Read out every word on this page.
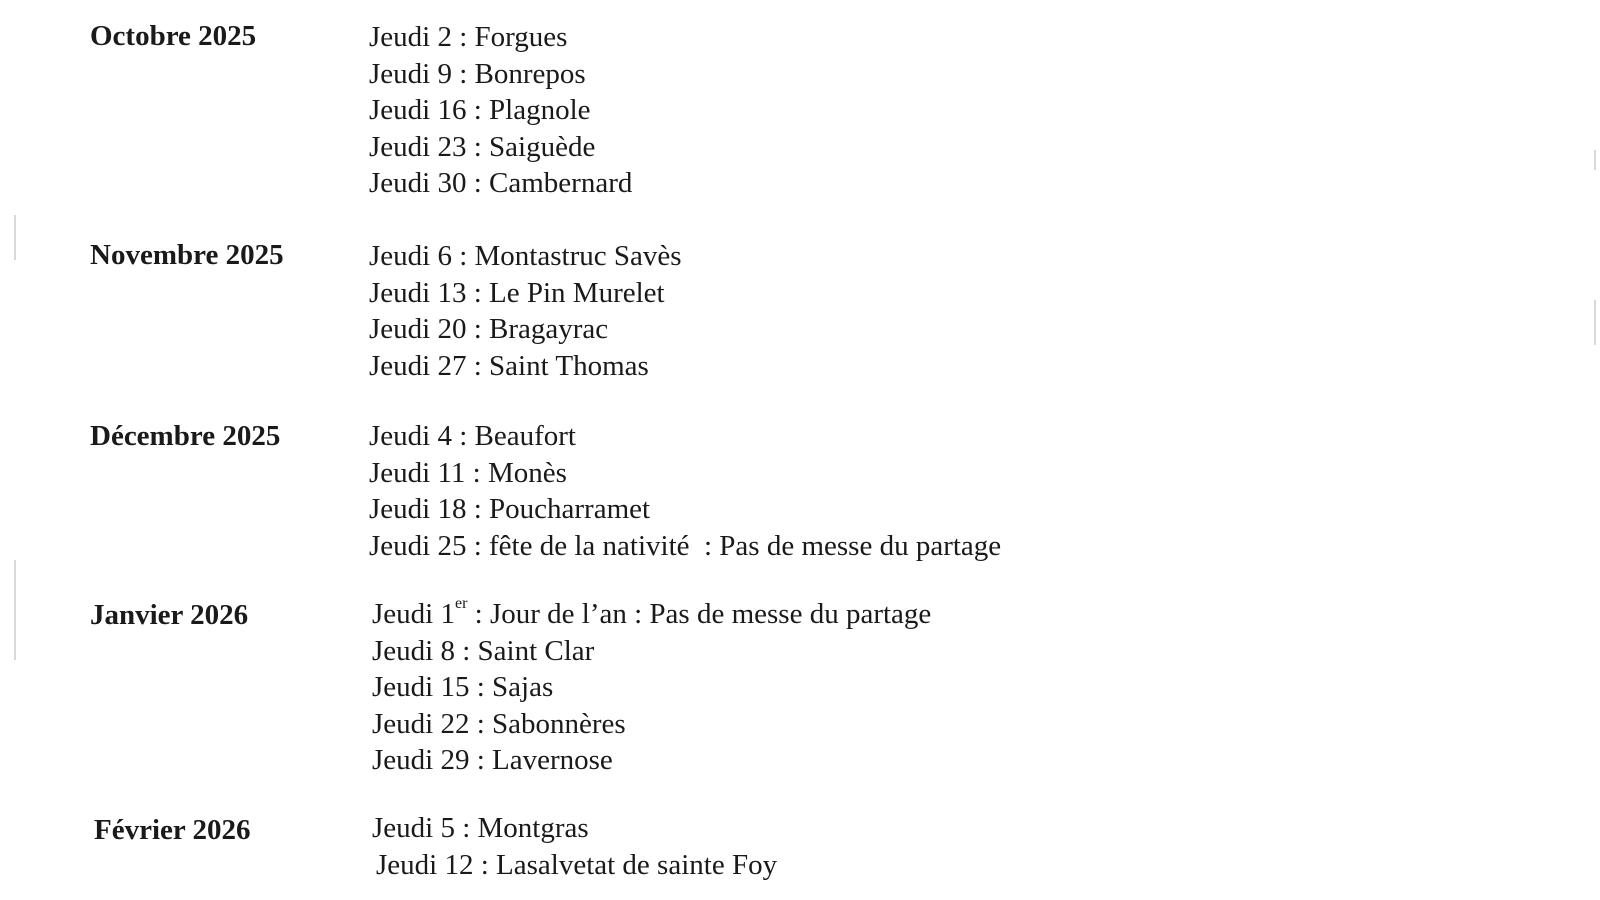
Octobre 2025	Jeudi 2 : Forgues
Jeudi 9 : Bonrepos
Jeudi 16 : Plagnole
Jeudi 23 : Saiguède
Jeudi 30 : Cambernard
Novembre 2025	Jeudi 6 : Montastruc Savès
Jeudi 13 : Le Pin Murelet
Jeudi 20 : Bragayrac
Jeudi 27 : Saint Thomas
Décembre 2025	Jeudi 4 : Beaufort
Jeudi 11 : Monès
Jeudi 18 : Poucharramet
Jeudi 25 : fête de la nativité  : Pas de messe du partage
Janvier 2026	Jeudi 1er : Jour de l’an : Pas de messe du partage
Jeudi 8 : Saint Clar
Jeudi 15 : Sajas
Jeudi 22 : Sabonnères
Jeudi 29 : Lavernose
Février 2026	Jeudi 5 : Montgras
Jeudi 12 : Lasalvetat de sainte Foy
